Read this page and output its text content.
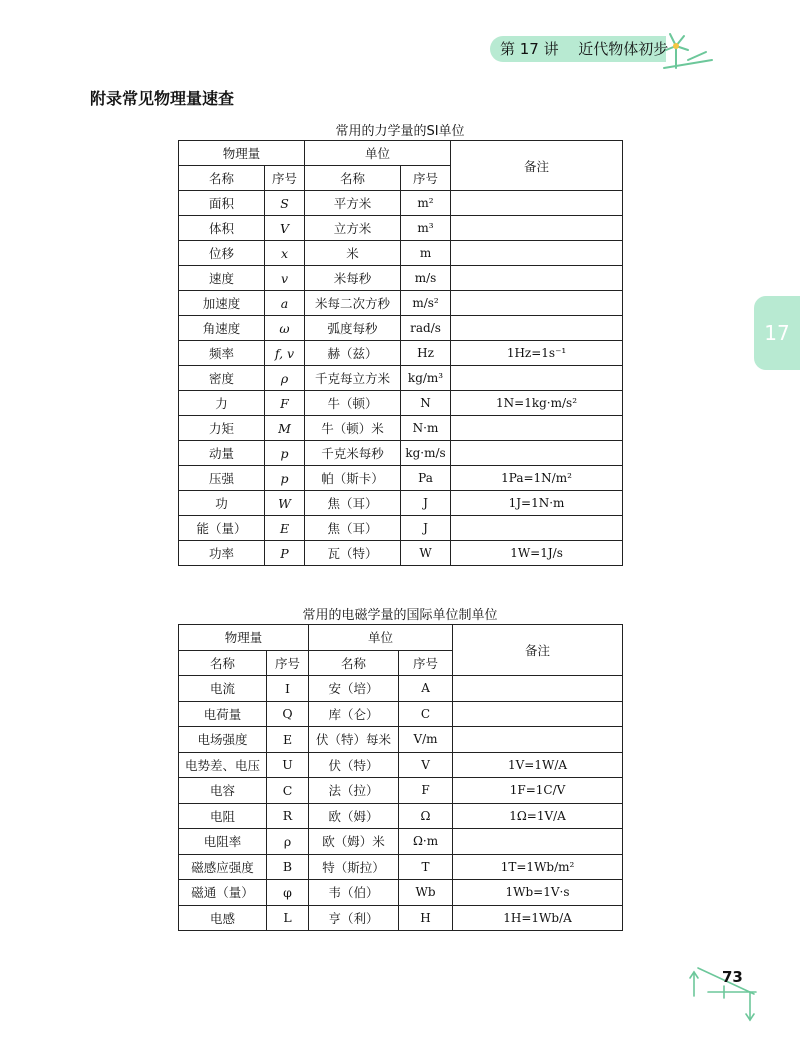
第 17 讲 近代物体初步
附录常见物理量速查
17
常用的力学量的SI单位
物理量		单位		备注
名称	序号	名称	序号	
面积	S	平方米	m²	
体积	V	立方米	m³	
位移	x	米	m	
速度	v	米每秒	m/s	
加速度	a	米每二次方秒	m/s²	
角速度	ω	弧度每秒	rad/s	
频率	f, v	赫（兹）	Hz	1Hz=1s⁻¹
密度	ρ	千克每立方米	kg/m³	
力	F	牛（顿）	N	1N=1kg·m/s²
力矩	M	牛（顿）米	N·m	
动量	p	千克米每秒	kg·m/s	
压强	p	帕（斯卡）	Pa	1Pa=1N/m²
功	W	焦（耳）	J	1J=1N·m
能（量）	E	焦（耳）	J	
功率	P	瓦（特）	W	1W=1J/s
常用的电磁学量的国际单位制单位
物理量		单位		备注
名称	序号	名称	序号	
电流	I	安（培）	A	
电荷量	Q	库（仑）	C	
电场强度	E	伏（特）每米	V/m	
电势差、电压	U	伏（特）	V	1V=1W/A
电容	C	法（拉）	F	1F=1C/V
电阻	R	欧（姆）	Ω	1Ω=1V/A
电阻率	ρ	欧（姆）米	Ω·m	
磁感应强度	B	特（斯拉）	T	1T=1Wb/m²
磁通（量）	φ	韦（伯）	Wb	1Wb=1V·s
电感	L	亨（利）	H	1H=1Wb/A
73
